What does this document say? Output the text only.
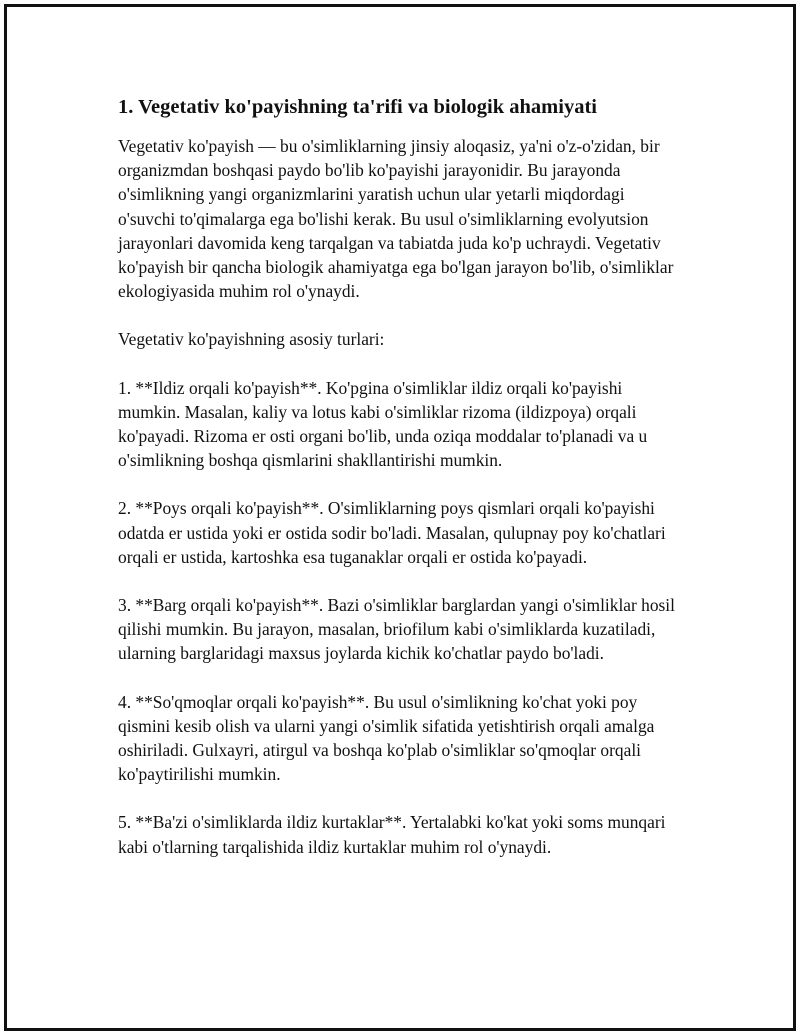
1. Vegetativ ko'payishning ta'rifi va biologik ahamiyati

Vegetativ ko'payish — bu o'simliklarning jinsiy aloqasiz, ya'ni o'z-o'zidan, bir organizmdan boshqasi paydo bo'lib ko'payishi jarayonidir. Bu jarayonda o'simlikning yangi organizmlarini yaratish uchun ular yetarli miqdordagi o'suvchi to'qimalarga ega bo'lishi kerak. Bu usul o'simliklarning evolyutsion jarayonlari davomida keng tarqalgan va tabiatda juda ko'p uchraydi. Vegetativ ko'payish bir qancha biologik ahamiyatga ega bo'lgan jarayon bo'lib, o'simliklar ekologiyasida muhim rol o'ynaydi.

Vegetativ ko'payishning asosiy turlari:

1. **Ildiz orqali ko'payish**. Ko'pgina o'simliklar ildiz orqali ko'payishi mumkin. Masalan, kaliy va lotus kabi o'simliklar rizoma (ildizpoya) orqali ko'payadi. Rizoma er osti organi bo'lib, unda oziqa moddalar to'planadi va u o'simlikning boshqa qismlarini shakllantirishi mumkin.

2. **Poys orqali ko'payish**. O'simliklarning poys qismlari orqali ko'payishi odatda er ustida yoki er ostida sodir bo'ladi. Masalan, qulupnay poy ko'chatlari orqali er ustida, kartoshka esa tuganaklar orqali er ostida ko'payadi.

3. **Barg orqali ko'payish**. Bazi o'simliklar barglardan yangi o'simliklar hosil qilishi mumkin. Bu jarayon, masalan, briofilum kabi o'simliklarda kuzatiladi, ularning barglaridagi maxsus joylarda kichik ko'chatlar paydo bo'ladi.

4. **So'qmoqlar orqali ko'payish**. Bu usul o'simlikning ko'chat yoki poy qismini kesib olish va ularni yangi o'simlik sifatida yetishtirish orqali amalga oshiriladi. Gulxayri, atirgul va boshqa ko'plab o'simliklar so'qmoqlar orqali ko'paytirilishi mumkin.

5. **Ba'zi o'simliklarda ildiz kurtaklar**. Yertalabki ko'kat yoki soms munqari kabi o'tlarning tarqalishida ildiz kurtaklar muhim rol o'ynaydi.
